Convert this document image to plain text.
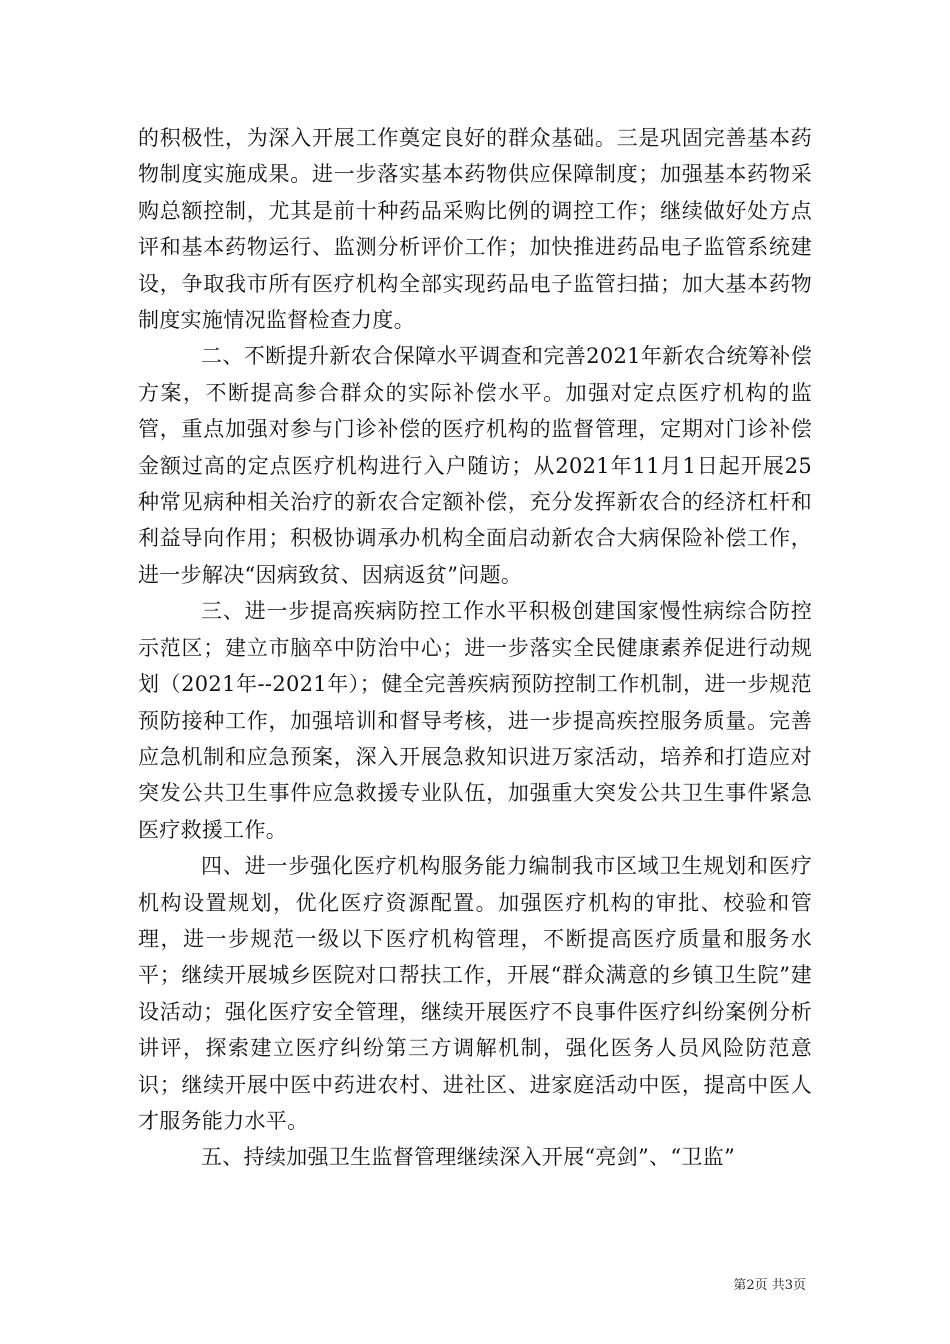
的积极性，为深入开展工作奠定良好的群众基础。三是巩固完善基本药物制度实施成果。进一步落实基本药物供应保障制度；加强基本药物采购总额控制，尤其是前十种药品采购比例的调控工作；继续做好处方点评和基本药物运行、监测分析评价工作；加快推进药品电子监管系统建设，争取我市所有医疗机构全部实现药品电子监管扫描；加大基本药物制度实施情况监督检查力度。

二、不断提升新农合保障水平调查和完善2021年新农合统筹补偿方案，不断提高参合群众的实际补偿水平。加强对定点医疗机构的监管，重点加强对参与门诊补偿的医疗机构的监督管理，定期对门诊补偿金额过高的定点医疗机构进行入户随访；从2021年11月1日起开展25种常见病种相关治疗的新农合定额补偿，充分发挥新农合的经济杠杆和利益导向作用；积极协调承办机构全面启动新农合大病保险补偿工作，进一步解决“因病致贫、因病返贫”问题。

三、进一步提高疾病防控工作水平积极创建国家慢性病综合防控示范区；建立市脑卒中防治中心；进一步落实全民健康素养促进行动规划（2021年--2021年）；健全完善疾病预防控制工作机制，进一步规范预防接种工作，加强培训和督导考核，进一步提高疾控服务质量。完善应急机制和应急预案，深入开展急救知识进万家活动，培养和打造应对突发公共卫生事件应急救援专业队伍，加强重大突发公共卫生事件紧急医疗救援工作。

四、进一步强化医疗机构服务能力编制我市区域卫生规划和医疗机构设置规划，优化医疗资源配置。加强医疗机构的审批、校验和管理，进一步规范一级以下医疗机构管理，不断提高医疗质量和服务水平；继续开展城乡医院对口帮扶工作，开展“群众满意的乡镇卫生院”建设活动；强化医疗安全管理，继续开展医疗不良事件医疗纠纷案例分析讲评，探索建立医疗纠纷第三方调解机制，强化医务人员风险防范意识；继续开展中医中药进农村、进社区、进家庭活动中医，提高中医人才服务能力水平。

五、持续加强卫生监督管理继续深入开展“亮剑”、“卫监”

第2页 共3页
